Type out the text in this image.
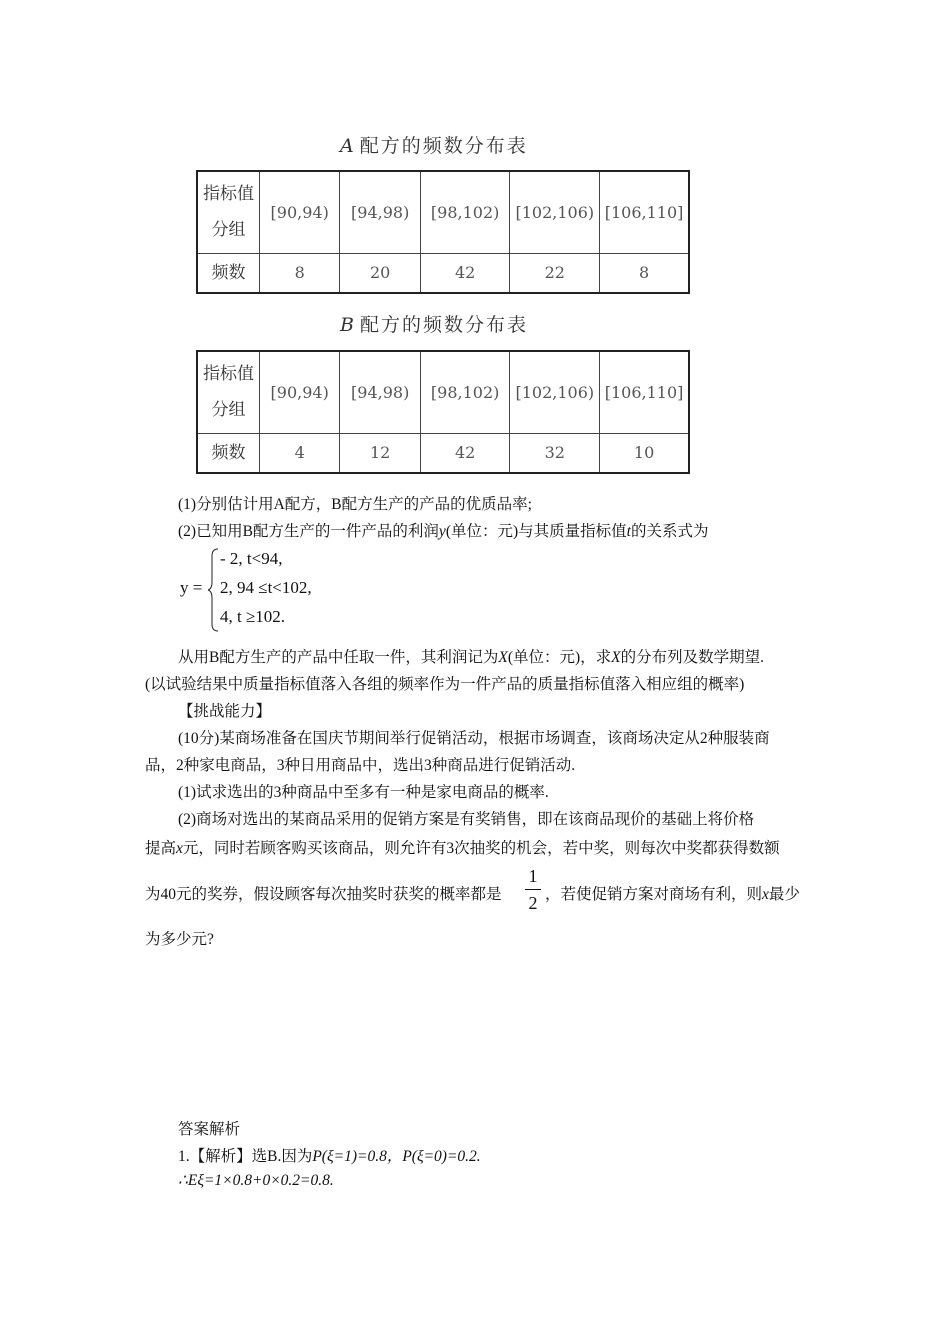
A 配方的频数分布表
指标值
分组	[90,94)	[94,98)	[98,102)	[102,106)	[106,110]
频数	8	20	42	22	8
B 配方的频数分布表
指标值
分组	[90,94)	[94,98)	[98,102)	[102,106)	[106,110]
频数	4	12	42	32	10
(1)分别估计用A配方，B配方生产的产品的优质品率;
(2)已知用B配方生产的一件产品的利润y(单位：元)与其质量指标值t的关系式为
y =
- 2, t<94,
2, 94 ≤t<102,
4, t ≥102.
从用B配方生产的产品中任取一件，其利润记为X(单位：元)，求X的分布列及数学期望.
(以试验结果中质量指标值落入各组的频率作为一件产品的质量指标值落入相应组的概率)
【挑战能力】
(10分)某商场准备在国庆节期间举行促销活动，根据市场调查，该商场决定从2种服装商
品，2种家电商品，3种日用商品中，选出3种商品进行促销活动.
(1)试求选出的3种商品中至多有一种是家电商品的概率.
(2)商场对选出的某商品采用的促销方案是有奖销售，即在该商品现价的基础上将价格
提高x元，同时若顾客购买该商品，则允许有3次抽奖的机会，若中奖，则每次中奖都获得数额
为40元的奖券，假设顾客每次抽奖时获奖的概率都是
1
2 ，若使促销方案对商场有利，则x最少
为多少元?
答案解析
1.【解析】选B.因为P(ξ=1)=0.8，P(ξ=0)=0.2.
∴Eξ=1×0.8+0×0.2=0.8.
